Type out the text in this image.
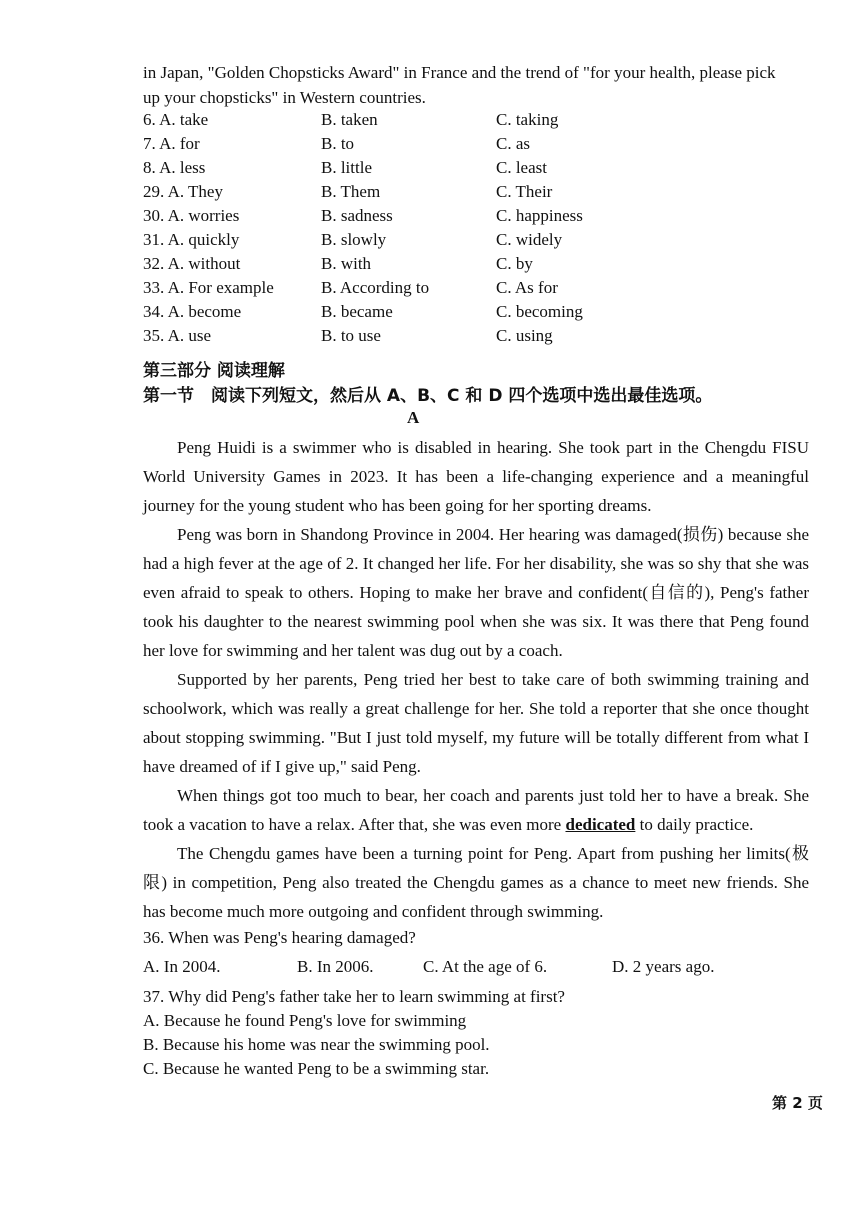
in Japan, "Golden Chopsticks Award" in France and the trend of "for your health, please pick
up your chopsticks" in Western countries.
6. A. take	B. taken	C. taking
7. A. for	B. to	C. as
8. A. less	B. little	C. least
29. A. They	B. Them	C. Their
30. A. worries	B. sadness	C. happiness
31. A. quickly	B. slowly	C. widely
32. A. without	B. with	C. by
33. A. For example	B. According to	C. As for
34. A. become	B. became	C. becoming
35. A. use	B. to use	C. using
第三部分 阅读理解
第一节　阅读下列短文，然后从 A、B、C 和 D 四个选项中选出最佳选项。
A

Peng Huidi is a swimmer who is disabled in hearing. She took part in the Chengdu FISU World University Games in 2023. It has been a life-changing experience and a meaningful journey for the young student who has been going for her sporting dreams.

Peng was born in Shandong Province in 2004. Her hearing was damaged(损伤) because she had a high fever at the age of 2. It changed her life. For her disability, she was so shy that she was even afraid to speak to others. Hoping to make her brave and confident(自信的), Peng's father took his daughter to the nearest swimming pool when she was six. It was there that Peng found her love for swimming and her talent was dug out by a coach.

Supported by her parents, Peng tried her best to take care of both swimming training and schoolwork, which was really a great challenge for her. She told a reporter that she once thought about stopping swimming. "But I just told myself, my future will be totally different from what I have dreamed of if I give up," said Peng.

When things got too much to bear, her coach and parents just told her to have a break. She took a vacation to have a relax. After that, she was even more dedicated to daily practice.

The Chengdu games have been a turning point for Peng. Apart from pushing her limits(极限) in competition, Peng also treated the Chengdu games as a chance to meet new friends. She has become much more outgoing and confident through swimming.

36. When was Peng's hearing damaged?
A. In 2004.	B. In 2006.	C. At the age of 6.	D. 2 years ago.
37. Why did Peng's father take her to learn swimming at first?
A. Because he found Peng's love for swimming
B. Because his home was near the swimming pool.
C. Because he wanted Peng to be a swimming star.
第 2 页
